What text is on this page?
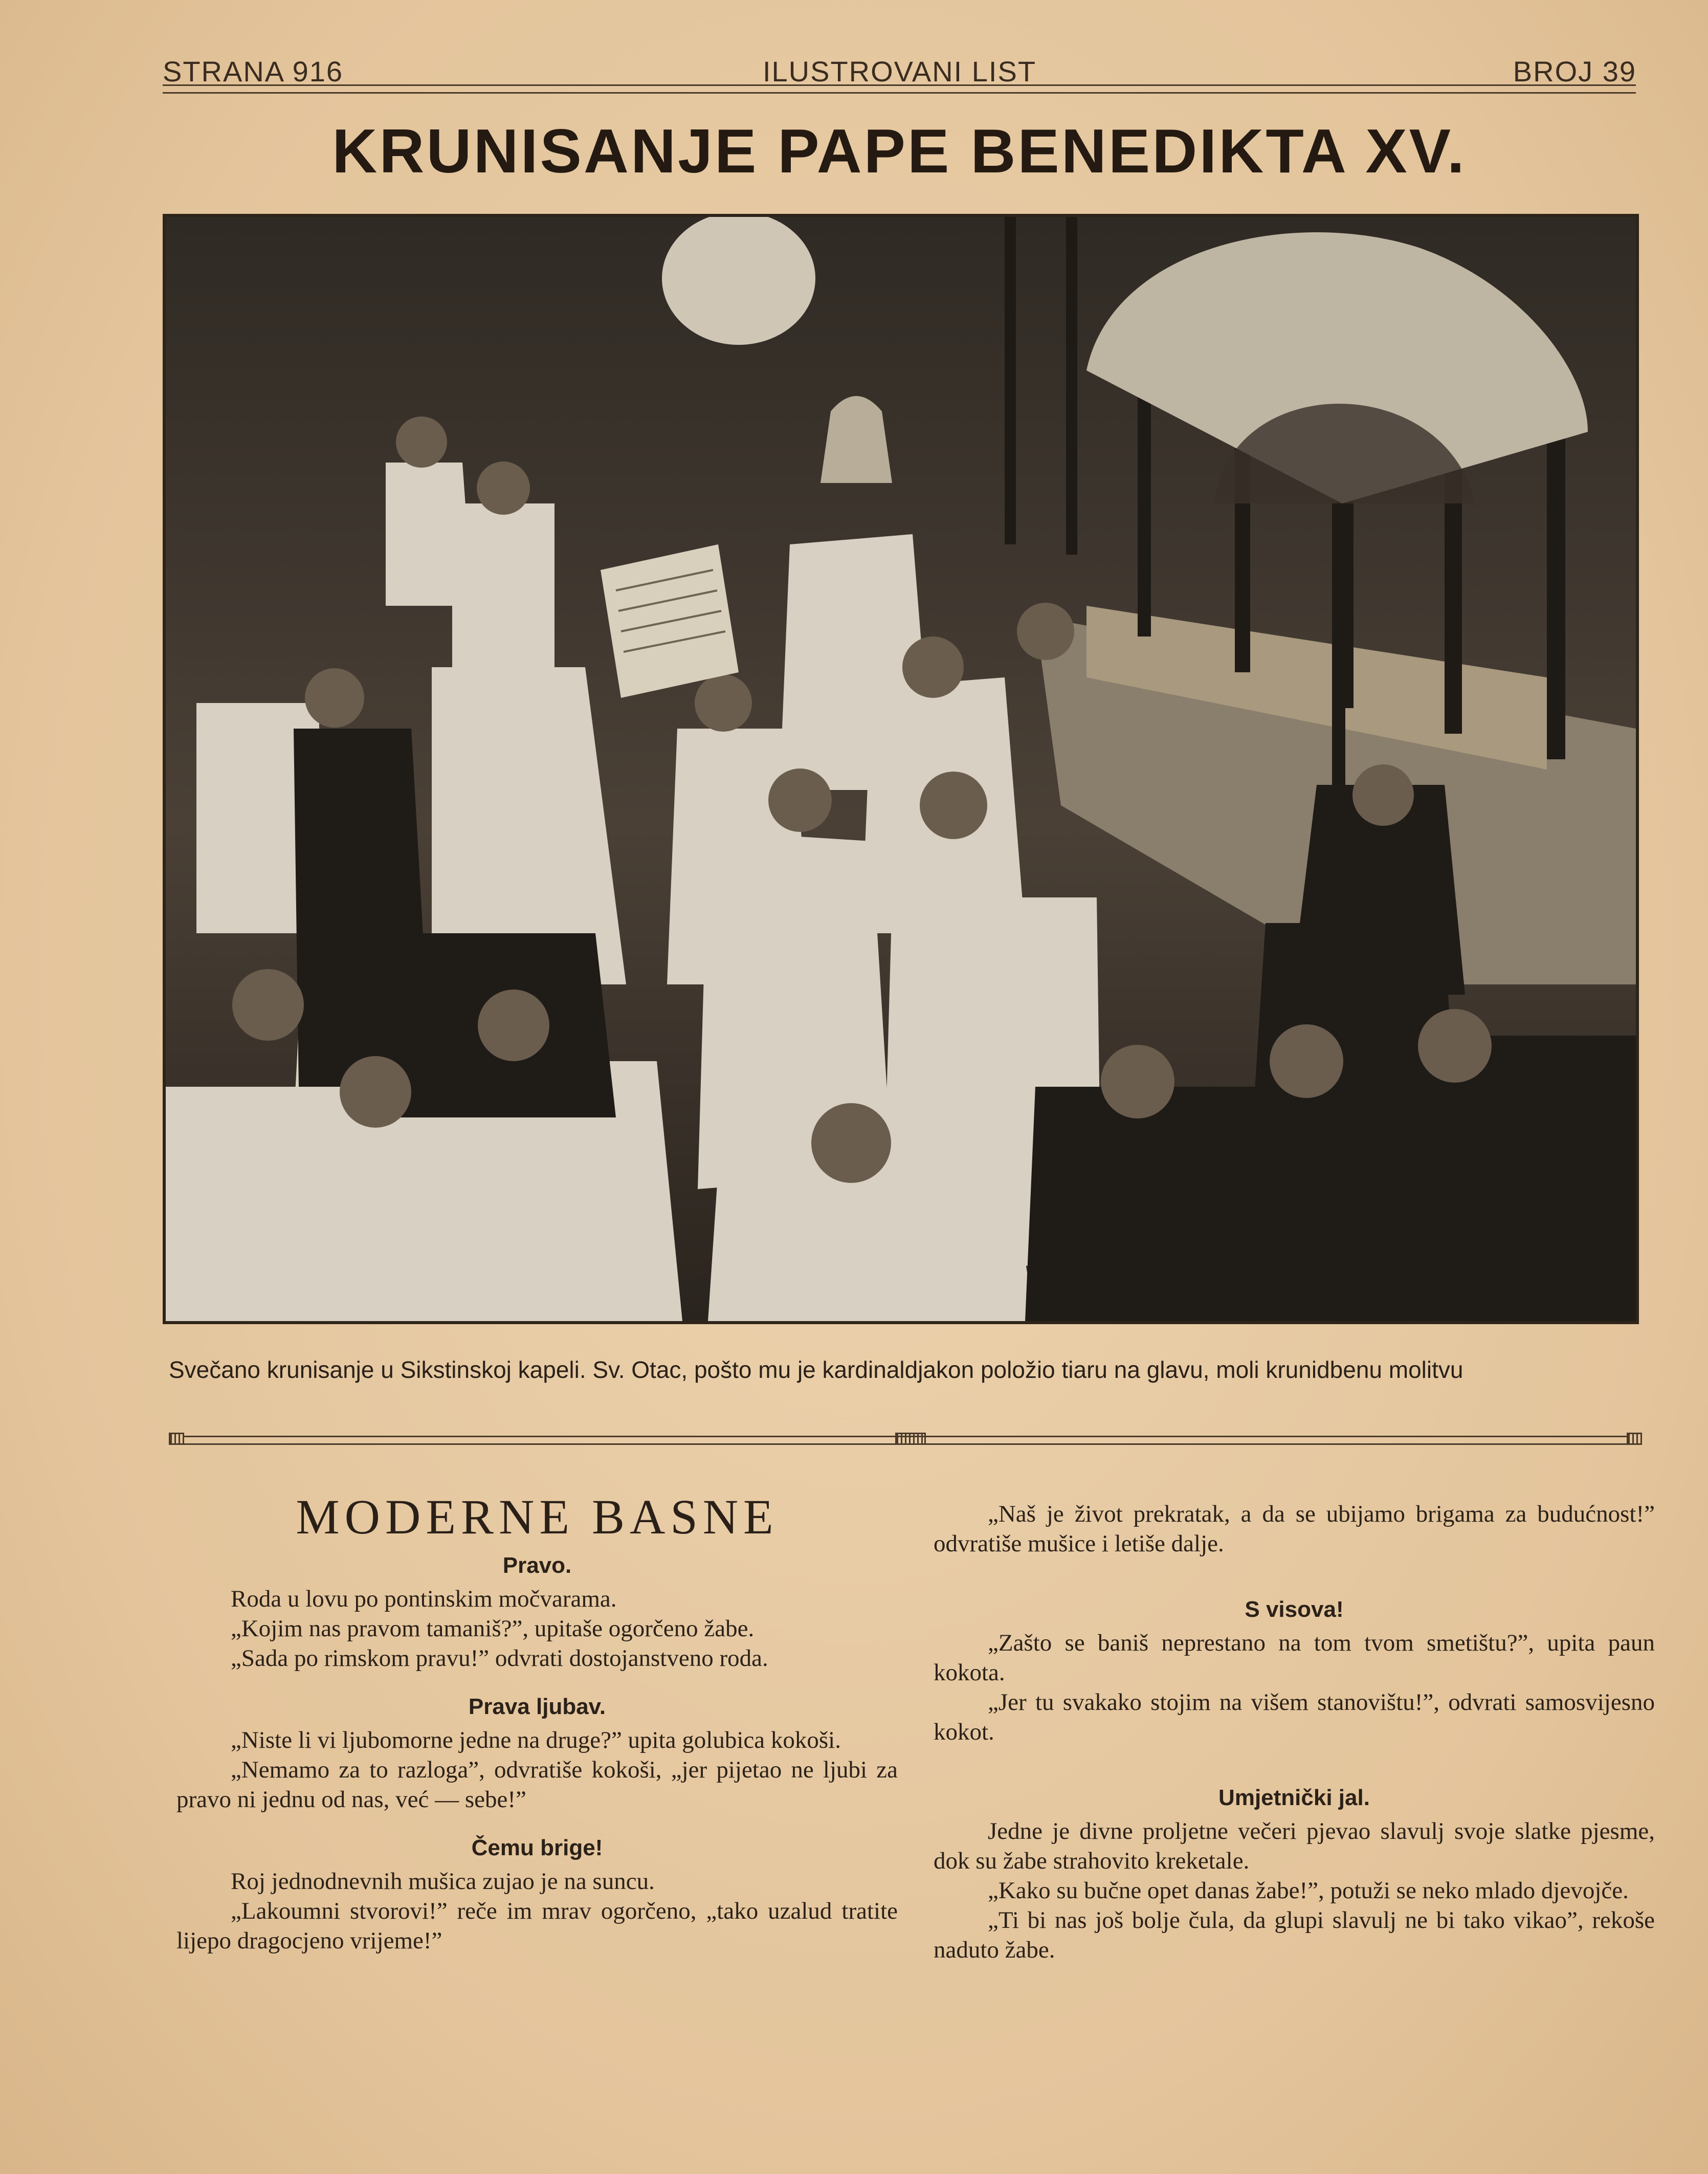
STRANA 916	ILUSTROVANI LIST	BROJ 39
KRUNISANJE PAPE BENEDIKTA XV.
Svečano krunisanje u Sikstinskoj kapeli. Sv. Otac, pošto mu je kardinaldjakon položio tiaru na glavu, moli krunidbenu molitvu
MODERNE BASNE
Pravo.

Roda u lovu po pontinskim močvarama.

„Kojim nas pravom tamaniš?”, upitaše ogorčeno žabe.

„Sada po rimskom pravu!” odvrati dostojanstveno roda.

Prava ljubav.

„Niste li vi ljubomorne jedne na druge?” upita golubica kokoši.

„Nemamo za to razloga”, odvratiše kokoši, „jer pijetao ne ljubi za pravo ni jednu od nas, već — sebe!”

Čemu brige!

Roj jednodnevnih mušica zujao je na suncu.

„Lakoumni stvorovi!” reče im mrav ogorčeno, „tako uzalud tratite lijepo dragocjeno vrijeme!”

„Naš je život prekratak, a da se ubijamo brigama za budućnost!” odvratiše mušice i letiše dalje.

S visova!

„Zašto se baniš neprestano na tom tvom smetištu?”, upita paun kokota.

„Jer tu svakako stojim na višem stanovištu!”, odvrati samosvijesno kokot.

Umjetnički jal.

Jedne je divne proljetne večeri pjevao slavulj svoje slatke pjesme, dok su žabe strahovito kreketale.

„Kako su bučne opet danas žabe!”, potuži se neko mlado djevojče.

„Ti bi nas još bolje čula, da glupi slavulj ne bi tako vikao”, rekoše naduto žabe.
